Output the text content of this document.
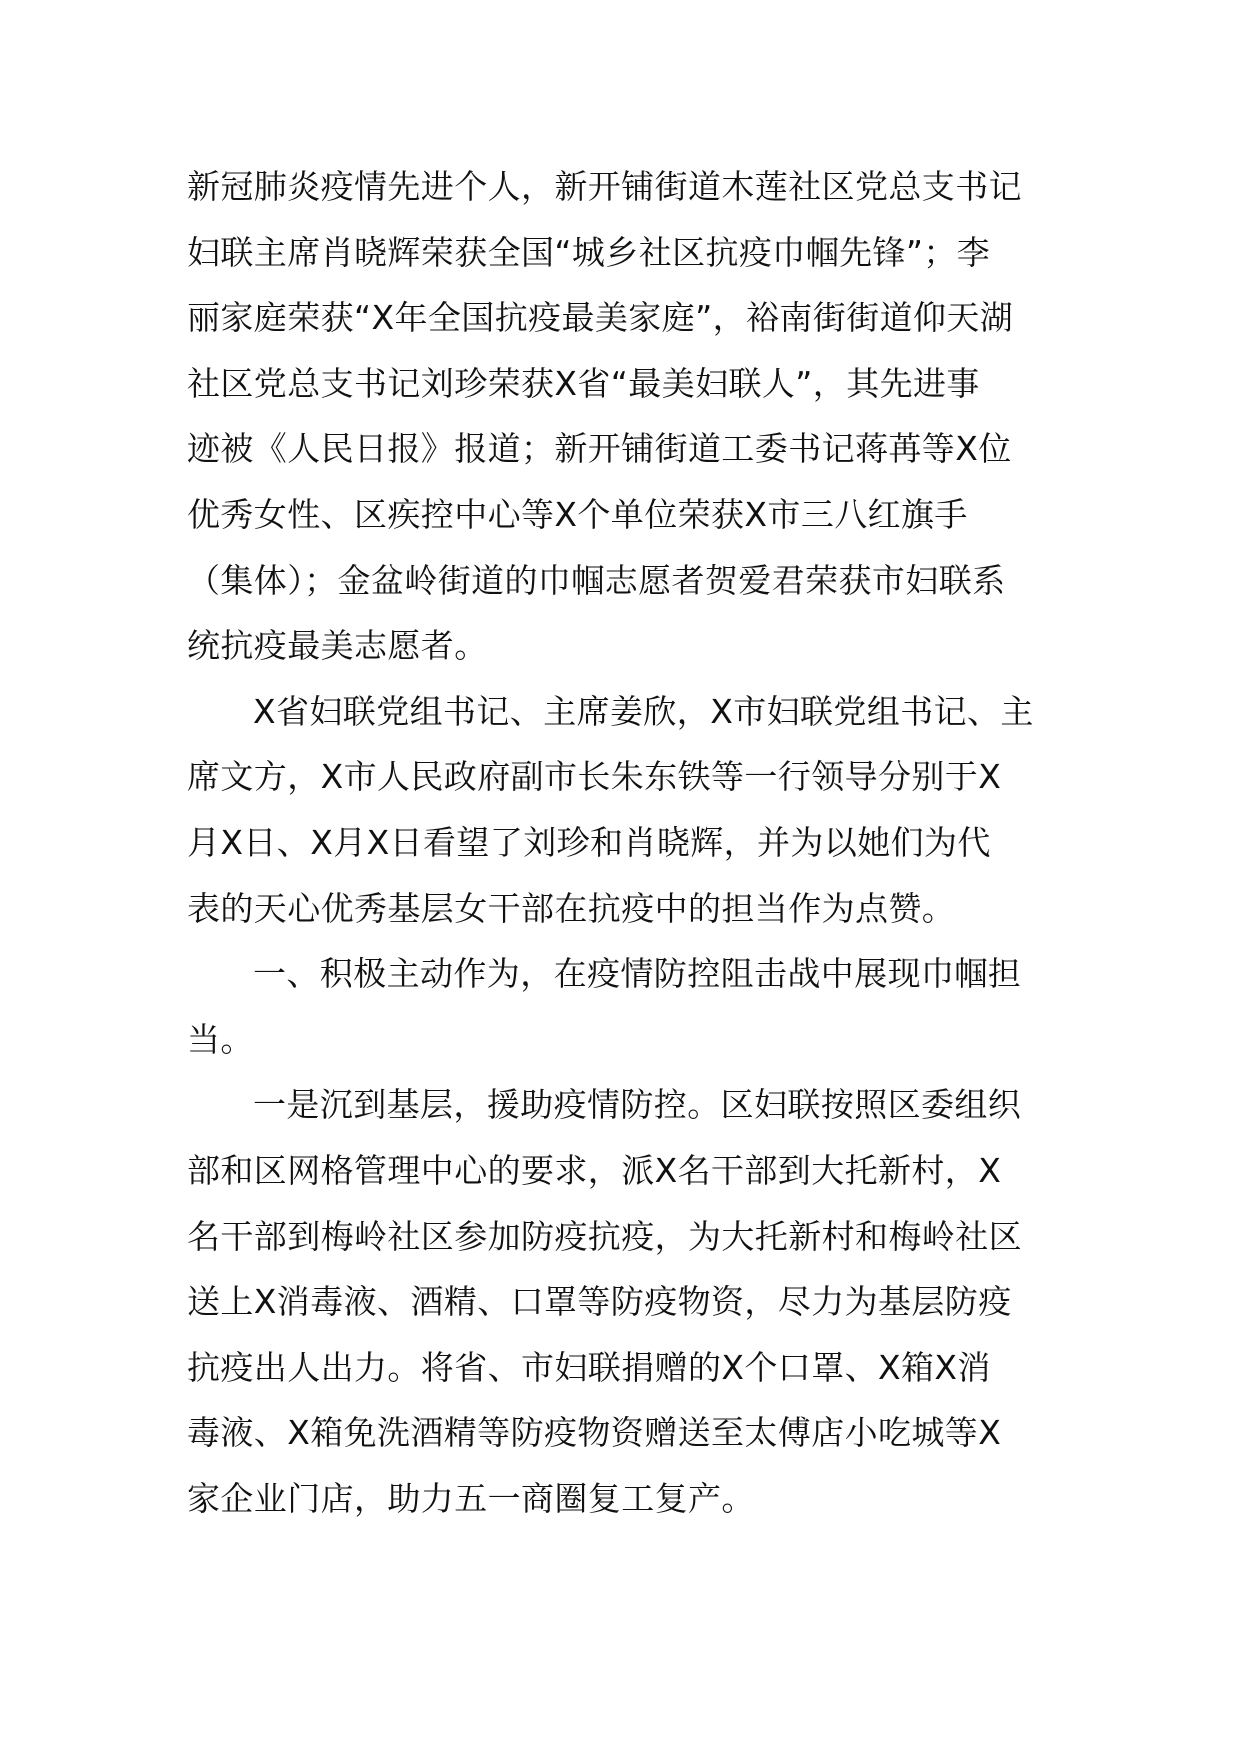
新冠肺炎疫情先进个人，新开铺街道木莲社区党总支书记
妇联主席肖晓辉荣获全国“城乡社区抗疫巾帼先锋”；李
丽家庭荣获“X年全国抗疫最美家庭”，裕南街街道仰天湖
社区党总支书记刘珍荣获X省“最美妇联人”，其先进事
迹被《人民日报》报道；新开铺街道工委书记蒋苒等X位
优秀女性、区疾控中心等X个单位荣获X市三八红旗手
（集体）；金盆岭街道的巾帼志愿者贺爱君荣获市妇联系
统抗疫最美志愿者。
X省妇联党组书记、主席姜欣，X市妇联党组书记、主
席文方，X市人民政府副市长朱东铁等一行领导分别于X
月X日、X月X日看望了刘珍和肖晓辉，并为以她们为代
表的天心优秀基层女干部在抗疫中的担当作为点赞。
一、积极主动作为，在疫情防控阻击战中展现巾帼担
当。
一是沉到基层，援助疫情防控。区妇联按照区委组织
部和区网格管理中心的要求，派X名干部到大托新村，X
名干部到梅岭社区参加防疫抗疫，为大托新村和梅岭社区
送上X消毒液、酒精、口罩等防疫物资，尽力为基层防疫
抗疫出人出力。将省、市妇联捐赠的X个口罩、X箱X消
毒液、X箱免洗酒精等防疫物资赠送至太傅店小吃城等X
家企业门店，助力五一商圈复工复产。
